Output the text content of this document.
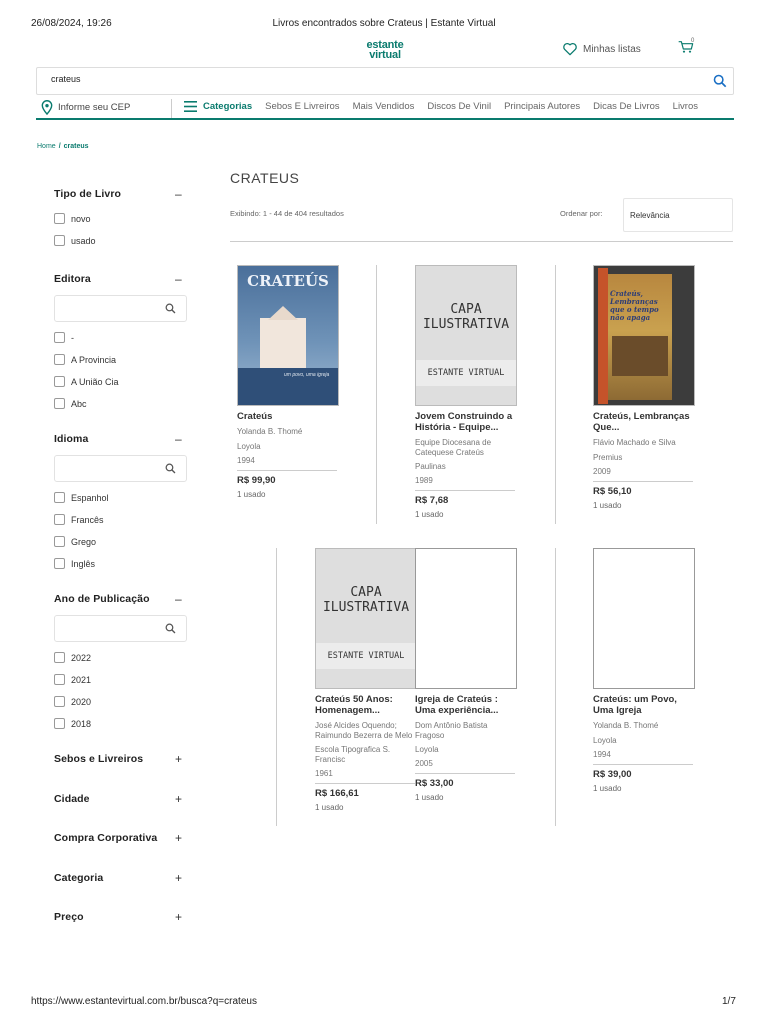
26/08/2024, 19:26	Livros encontrados sobre Crateus | Estante Virtual
estante
virtual	Minhas listas
0
crateus
Informe seu CEP	Categorias Sebos E Livreiros Mais Vendidos Discos De Vinil Principais Autores Dicas De Livros Livros
Home / crateus
Tipo de Livro	–
novo
usado
Editora	–
-
A Provincia
A União Cia
Abc
Idioma	–
Espanhol
Francês
Grego
Inglês
Ano de Publicação –
2022
2021
2020
2018
Sebos e Livreiros	+
Cidade	+
Compra Corporativa +
Categoria	+
Preço	+
CRATEUS
Exibindo: 1 - 44 de 404 resultados	Ordenar por:	Relevância
CRATEÚS
um povo, uma igreja
Crateús
Yolanda B. Thomé
Loyola
1994
R$ 99,90
1 usado
CAPA
ILUSTRATIVA
ESTANTE VIRTUAL
Jovem Construindo a História - Equipe...
Equipe Diocesana de Catequese Crateús
Paulinas
1989
R$ 7,68
1 usado
Crateús, Lembranças que o tempo não apaga
Crateús, Lembranças Que...
Flávio Machado e Silva
Premius
2009
R$ 56,10
1 usado
CAPA
ILUSTRATIVA
ESTANTE VIRTUAL
Crateús 50 Anos: Homenagem...
José Alcides Oquendo; Raimundo Bezerra de Melo
Escola Tipografica S. Francisc
1961
R$ 166,61
1 usado
Igreja de Crateús : Uma experiência...
Dom Antônio Batista Fragoso
Loyola
2005
R$ 33,00
1 usado
Crateús: um Povo, Uma Igreja
Yolanda B. Thomé
Loyola
1994
R$ 39,00
1 usado
https://www.estantevirtual.com.br/busca?q=crateus	1/7
